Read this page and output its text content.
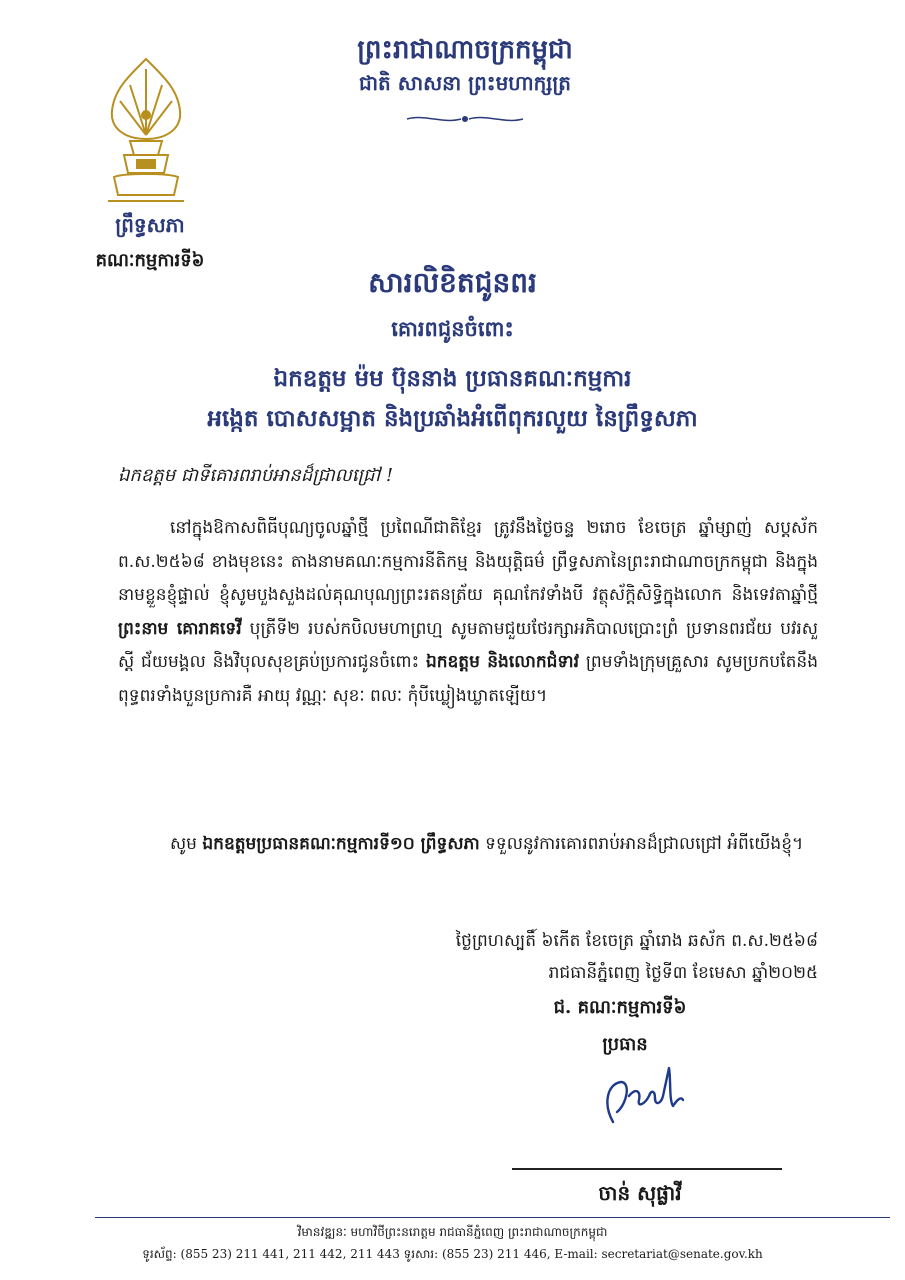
ព្រះរាជាណាចក្រកម្ពុជា
ជាតិ សាសនា ព្រះមហាក្សត្រ
ព្រឹទ្ធសភា
គណៈកម្មការទី៦
សារលិខិតជូនពរ
គោរពជូនចំពោះ
ឯកឧត្តម ម៉ម ប៊ុននាង ប្រធានគណៈកម្មការ
អង្កេត បោសសម្អាត និងប្រឆាំងអំពើពុករលួយ នៃព្រឹទ្ធសភា
ឯកឧត្តម ជាទីគោរពរាប់អានដ៏ជ្រាលជ្រៅ !
នៅក្នុងឱកាសពិធីបុណ្យចូលឆ្នាំថ្មី ប្រពៃណីជាតិខ្មែរ ត្រូវនឹងថ្ងៃចន្ទ ២រោច ខែចេត្រ ឆ្នាំម្សាញ់ សប្តស័ក ព.ស.២៥៦៨ ខាងមុខនេះ តាងនាមគណៈកម្មការនីតិកម្ម និងយុត្តិធម៌ ព្រឹទ្ធសភានៃព្រះរាជាណាចក្រកម្ពុជា និងក្នុងនាមខ្លួនខ្ញុំផ្ទាល់ ខ្ញុំសូមបួងសួងដល់គុណបុណ្យព្រះរតនត្រ័យ គុណកែវទាំងបី វត្ថុស័ក្តិសិទ្ធិក្នុងលោក និងទេវតាឆ្នាំថ្មី ព្រះនាម គោរាគទេវី បុត្រីទី២ របស់កបិលមហាព្រហ្ម សូមតាមជួយថែរក្សាអភិបាលប្រោះព្រំ ប្រទានពរជ័យ បវរសួស្តី ជ័យមង្គល និងវិបុលសុខគ្រប់ប្រការជូនចំពោះ ឯកឧត្តម និងលោកជំទាវ ព្រមទាំងក្រុមគ្រួសារ សូមប្រកបតែនឹងពុទ្ធពរទាំងបួនប្រការគឺ អាយុ វណ្ណៈ សុខៈ ពលៈ កុំបីឃ្លៀងឃ្លាតឡើយ។
សូម ឯកឧត្តមប្រធានគណៈកម្មការទី១០ ព្រឹទ្ធសភា ទទួលនូវការគោរពរាប់អានដ៏ជ្រាលជ្រៅ អំពីយើងខ្ញុំ។
ថ្ងៃព្រហស្បតិ៍ ៦កើត ខែចេត្រ ឆ្នាំរោង ឆស័ក ព.ស.២៥៦៨
រាជធានីភ្នំពេញ ថ្ងៃទី៣ ខែមេសា ឆ្នាំ២០២៥
ជ. គណៈកម្មការទី៦
ប្រធាន
ចាន់ សុផ្លាវី
វិមានវឌ្ឍនៈ មហាវិថីព្រះនរោត្តម រាជធានីភ្នំពេញ ព្រះរាជាណាចក្រកម្ពុជា
ទូរស័ព្ទ: (855 23) 211 441, 211 442, 211 443 ទូរសារ: (855 23) 211 446, E-mail: secretariat@senate.gov.kh
